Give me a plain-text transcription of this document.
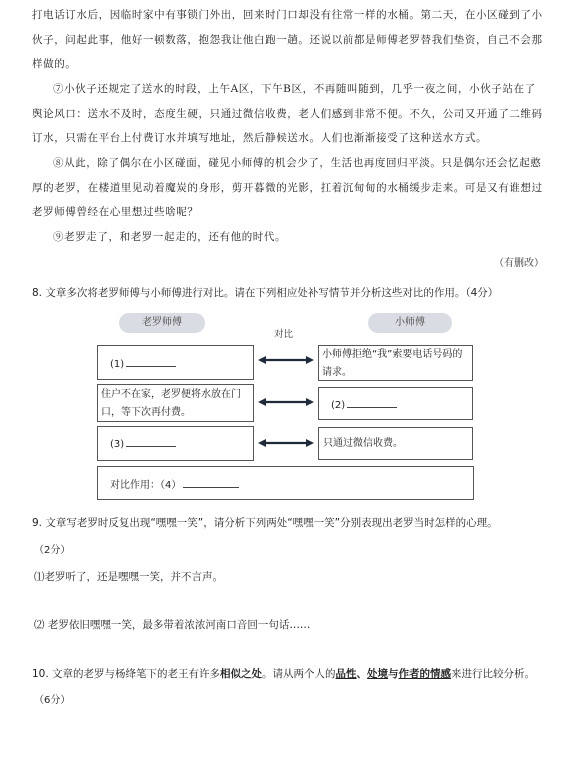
打电话订水后，因临时家中有事锁门外出，回来时门口却没有往常一样的水桶。第二天，在小区碰到了小伙子，问起此事，他好一顿数落，抱怨我让他白跑一趟。还说以前都是师傅老罗替我们垫资，自己不会那样做的。

⑦小伙子还规定了送水的时段，上午A区，下午B区，不再随叫随到，几乎一夜之间，小伙子站在了舆论风口：送水不及时，态度生硬，只通过微信收费，老人们感到非常不便。不久，公司又开通了二维码订水，只需在平台上付费订水并填写地址，然后静候送水。人们也渐渐接受了这种送水方式。

⑧从此，除了偶尔在小区碰面，碰见小师傅的机会少了，生活也再度回归平淡。只是偶尔还会忆起憨厚的老罗，在楼道里见动着魔炭的身形，剪开暮微的光影，扛着沉甸甸的水桶缓步走来。可是又有谁想过老罗师傅曾经在心里想过些啥呢？

⑨老罗走了，和老罗一起走的，还有他的时代。

（有删改）

8. 文章多次将老罗师傅与小师傅进行对比。请在下列相应处补写情节并分析这些对比的作用。（4分）

老罗师傅	小师傅
对比
(1)
小师傅拒绝“我”索要电话号码的请求。
住户不在家，老罗便将水放在门口，等下次再付费。
(2)
(3)	只通过微信收费。
对比作用：（4）

9. 文章写老罗时反复出现“嘿嘿一笑”，请分析下列两处“嘿嘿一笑”分别表现出老罗当时怎样的心理。

（2分）
⑴老罗听了，还是嘿嘿一笑，并不言声。
⑵ 老罗依旧嘿嘿一笑，最多带着浓浓河南口音回一句话……

10. 文章的老罗与杨绛笔下的老王有许多相似之处。请从两个人的品性、处境与作者的情感来进行比较分析。

（6分）
